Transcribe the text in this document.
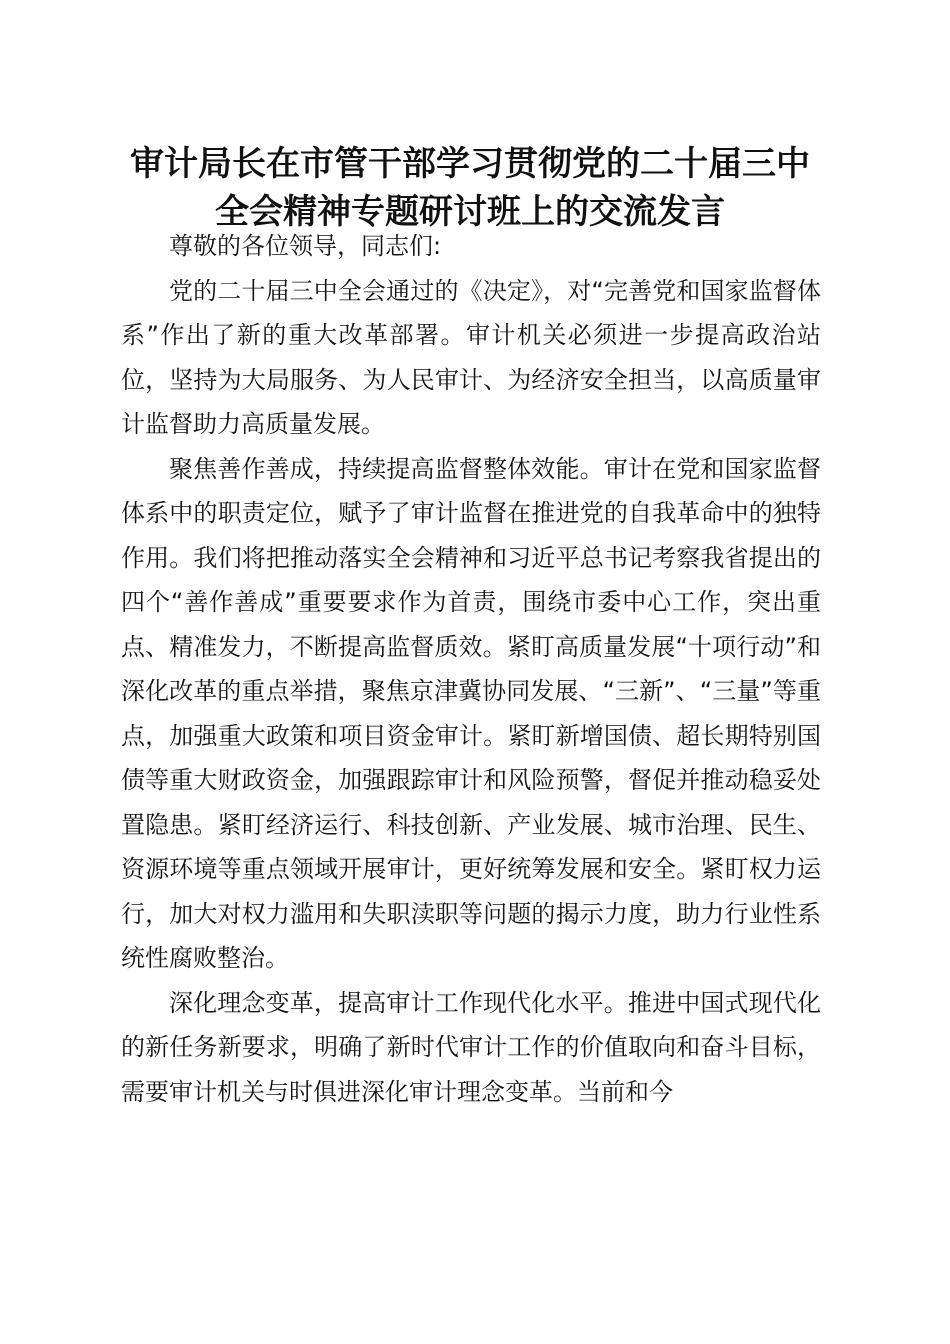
审计局长在市管干部学习贯彻党的二十届三中
全会精神专题研讨班上的交流发言

尊敬的各位领导，同志们:

党的二十届三中全会通过的《决定》，对“完善党和国家监督体系”作出了新的重大改革部署。审计机关必须进一步提高政治站位，坚持为大局服务、为人民审计、为经济安全担当，以高质量审计监督助力高质量发展。

聚焦善作善成，持续提高监督整体效能。审计在党和国家监督体系中的职责定位，赋予了审计监督在推进党的自我革命中的独特作用。我们将把推动落实全会精神和习近平总书记考察我省提出的四个“善作善成”重要要求作为首责，围绕市委中心工作，突出重点、精准发力，不断提高监督质效。紧盯高质量发展“十项行动”和深化改革的重点举措，聚焦京津冀协同发展、“三新”、“三量”等重点，加强重大政策和项目资金审计。紧盯新增国债、超长期特别国债等重大财政资金，加强跟踪审计和风险预警，督促并推动稳妥处置隐患。紧盯经济运行、科技创新、产业发展、城市治理、民生、资源环境等重点领域开展审计，更好统筹发展和安全。紧盯权力运行，加大对权力滥用和失职渎职等问题的揭示力度，助力行业性系统性腐败整治。

深化理念变革，提高审计工作现代化水平。推进中国式现代化的新任务新要求，明确了新时代审计工作的价值取向和奋斗目标，需要审计机关与时俱进深化审计理念变革。当前和今
